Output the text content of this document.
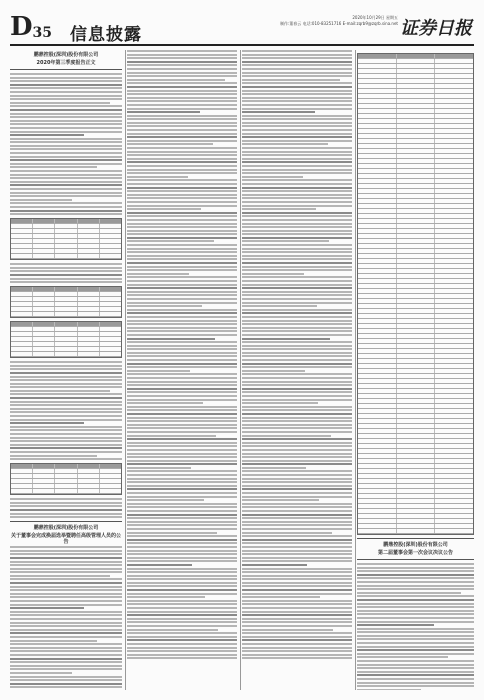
$D_{35}$ 信息披露
2020年10月29日 星期五
制作:董春云 电话:010-83251716 E-mail:zqrb9@zqrb.sina.net 证券日报
鹏鼎控股(深圳)股份有限公司
2020年第三季度报告正文
鹏鼎控股(深圳)股份有限公司
关于董事会完成换届选举暨聘任高级管理人员的公告	鹏鼎控股(深圳)股份有限公司
第二届董事会第一次会议决议公告
